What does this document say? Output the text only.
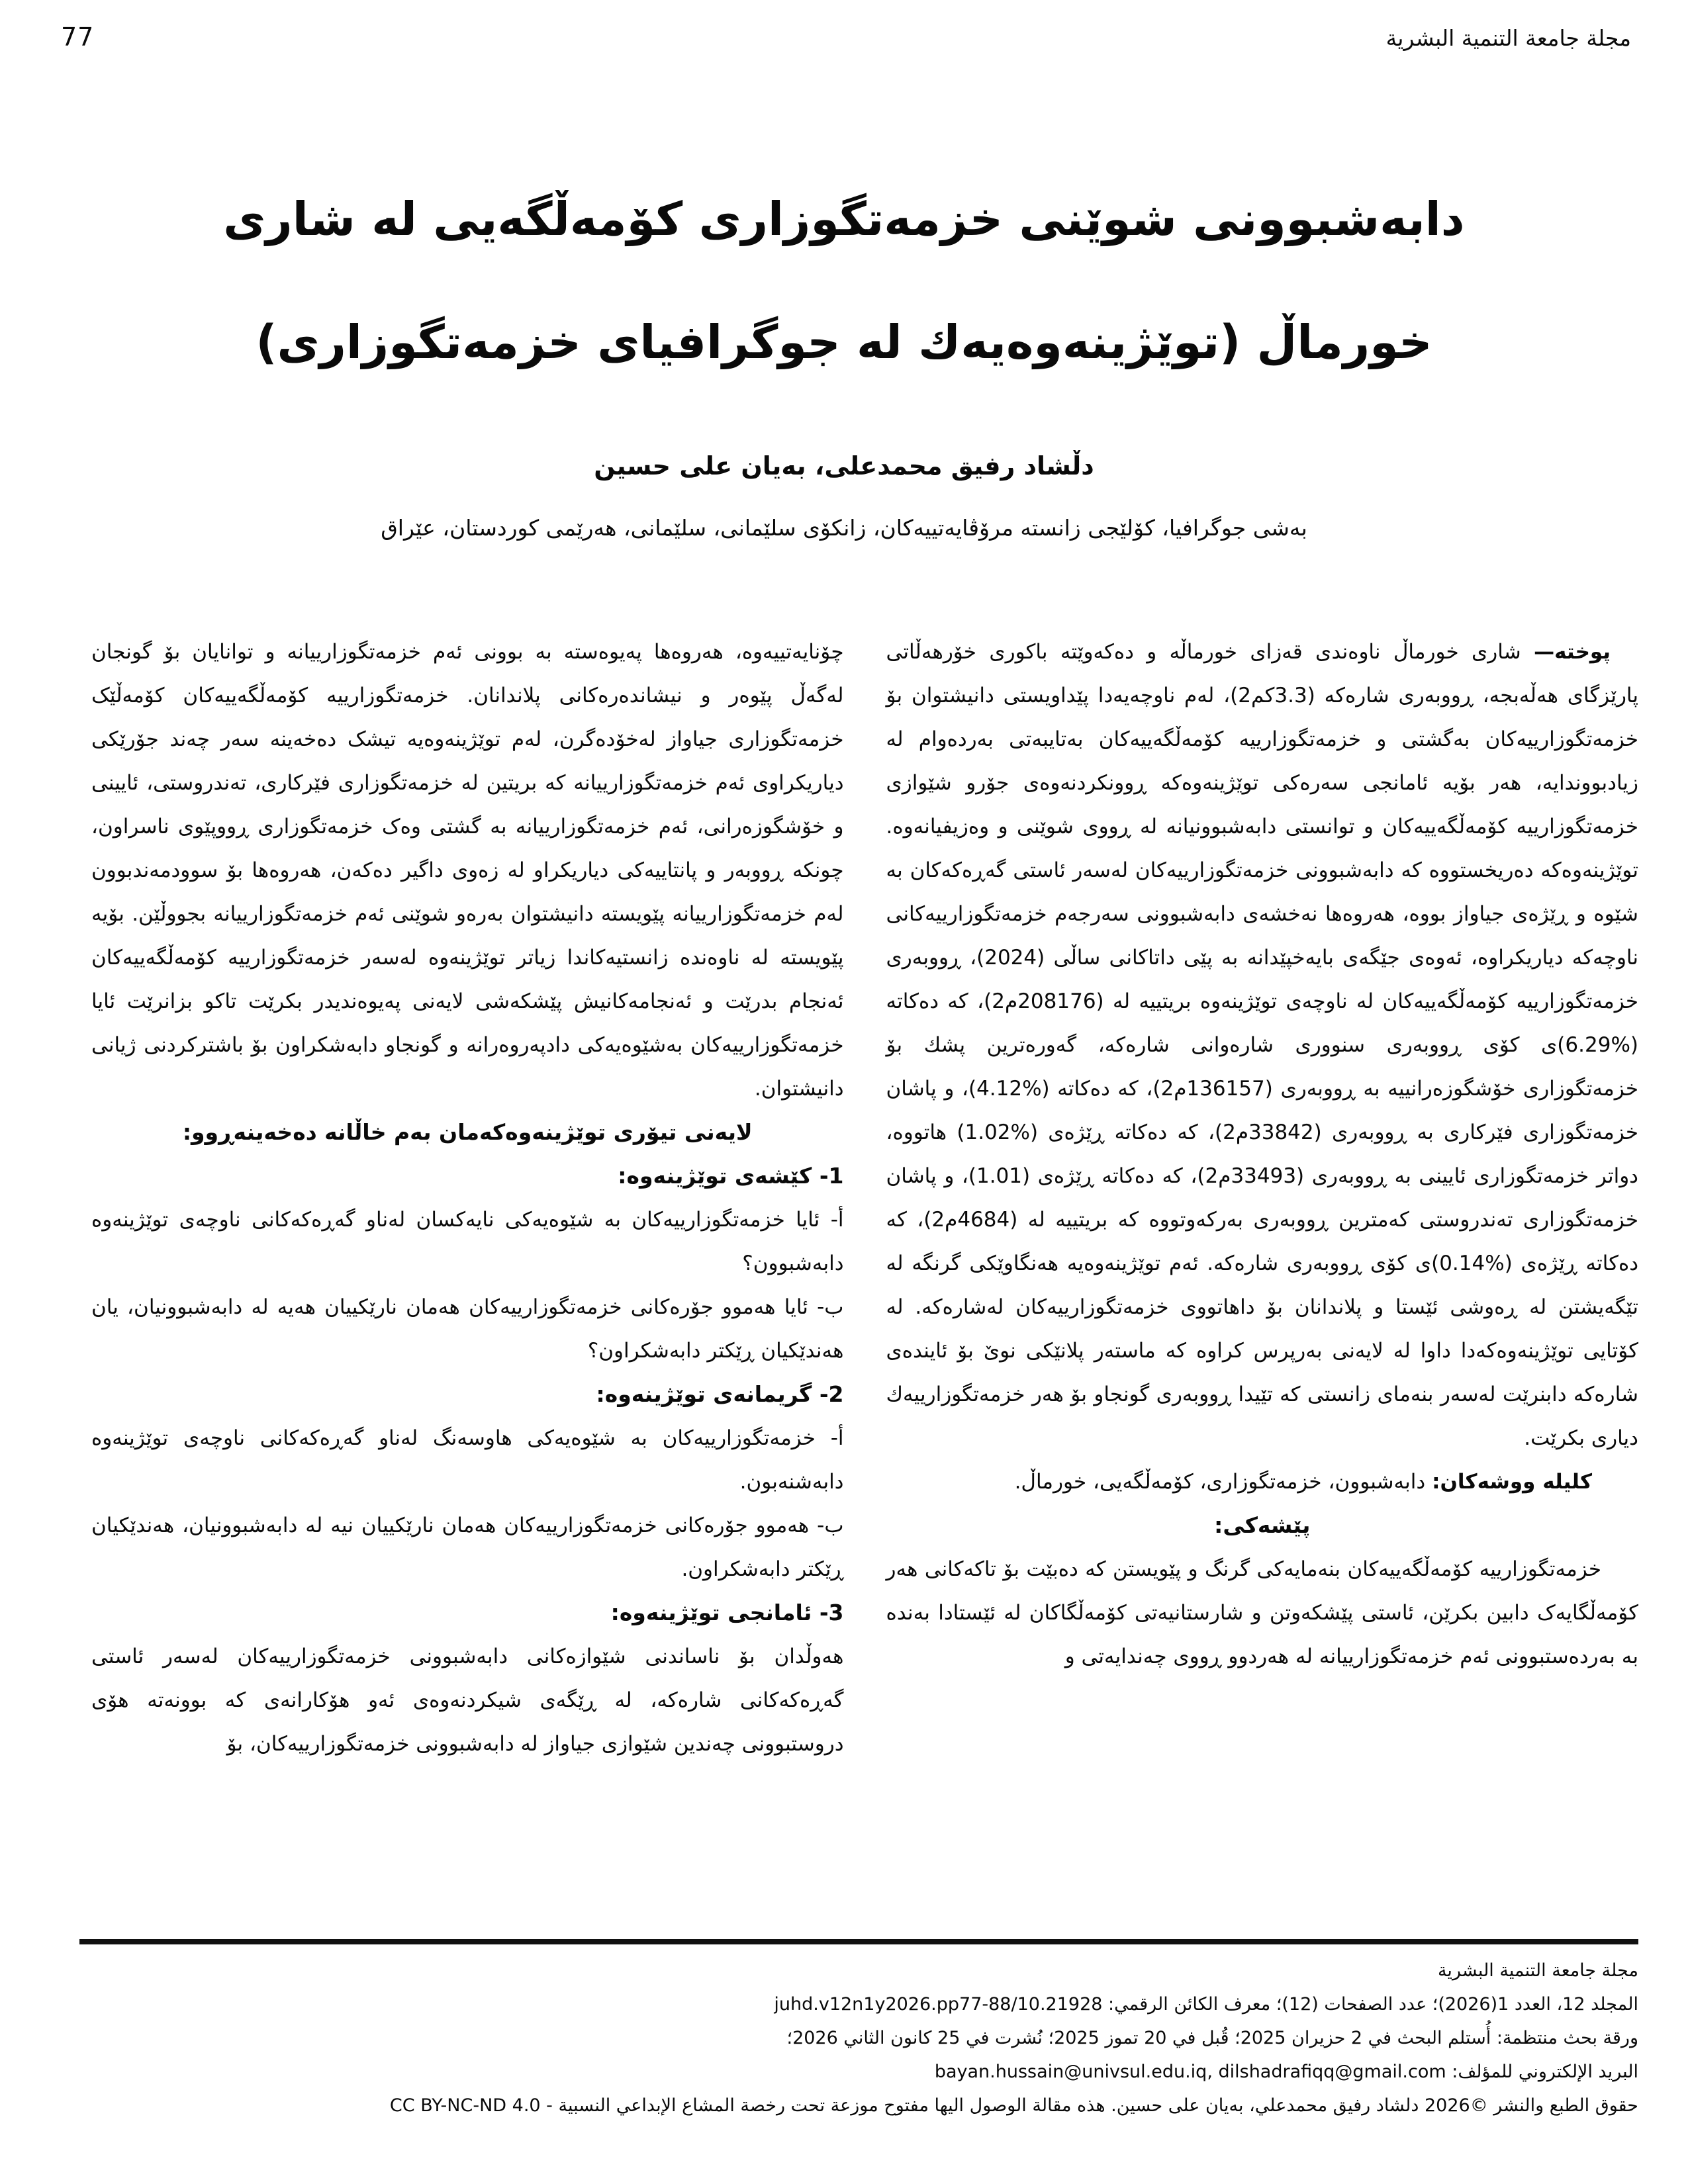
77	مجلة جامعة التنمية البشرية
دابه‌شبوونی شوێنی خزمه‌تگوزاری کۆمه‌ڵگه‌یی له‌ شاری
خورماڵ (توێژینه‌وه‌یه‌ك له‌ جوگرافیای خزمه‌تگوزاری)
دڵشاد رفیق محمدعلی، به‌یان علی حسین
به‌شی جوگرافیا، کۆلێجی زانسته‌ مرۆڤایه‌تییه‌کان، زانکۆی سلێمانی، سلێمانی، هه‌رێمی کوردستان، عێراق

پوخته‌— شاری خورماڵ ناوه‌ندی قه‌زای خورماڵه‌ و ده‌که‌وێته‌ باکوری خۆرهه‌ڵاتی پارێزگای هه‌ڵه‌بجه‌، ڕووبه‌ری شاره‌که‌ (3.3کم2)، له‌م ناوچه‌یه‌دا پێداویستی دانیشتوان بۆ خزمه‌تگوزارییه‌کان به‌گشتی و خزمه‌تگوزارییه‌ کۆمه‌ڵگه‌ییه‌کان به‌تایبه‌تی به‌رده‌وام له‌ زیادبووندایه‌، هه‌ر بۆیه‌ ئامانجی سه‌ره‌کی توێژینه‌وه‌که‌ ڕوونکردنه‌وه‌ی جۆرو شێوازی خزمه‌تگوزارییه‌ کۆمه‌ڵگه‌ییه‌کان و توانستی دابه‌شبوونیانه‌ له‌ ڕووی شوێنی و وه‌زیفیانه‌وه‌. توێژینه‌وه‌که‌ ده‌ریخستووه‌ که‌ دابه‌شبوونی خزمه‌تگوزارییه‌کان له‌سه‌ر ئاستی گه‌ڕه‌که‌کان به‌ شێوه‌ و ڕێژه‌ی جیاواز بووه‌، هه‌روه‌ها نه‌خشه‌ی دابه‌شبوونی سه‌رجه‌م خزمه‌تگوزارییه‌کانی ناوچه‌که‌ دیاریکراوه‌، ئه‌وه‌ی جێگه‌ی بایه‌خپێدانه‌ به‌ پێی داتاکانی ساڵی (2024)، ڕووبه‌ری خزمه‌تگوزارییه‌ کۆمه‌ڵگه‌ییه‌کان له‌ ناوچه‌ی توێژینه‌وه‌ بریتییه‌ له‌ (208176م2)، که‌ ده‌کاته‌ (%6.29)ی کۆی ڕووبه‌ری سنووری شاره‌وانی شاره‌که‌، گه‌وره‌ترین پشك بۆ خزمه‌تگوزاری خۆشگوزه‌رانییه‌ به‌ ڕووبه‌ری (136157م2)، که‌ ده‌کاته‌ (%4.12)، و پاشان خزمه‌تگوزاری فێرکاری به‌ ڕووبه‌ری (33842م2)، که‌ ده‌کاته‌ ڕێژه‌ی (%1.02) هاتووه‌، دواتر خزمه‌تگوزاری ئایینی به‌ ڕووبه‌ری (33493م2)، که‌ ده‌کاته‌ ڕێژه‌ی (1.01)، و پاشان خزمه‌تگوزاری ته‌ندروستی که‌مترین ڕووبه‌ری به‌رکه‌وتووه‌ که‌ بریتییه‌ له‌ (4684م2)، که‌ ده‌کاته‌ ڕێژه‌ی (%0.14)ی کۆی ڕووبه‌ری شاره‌که‌. ئه‌م توێژینه‌وه‌یه‌ هه‌نگاوێکی گرنگه‌ له‌ تێگه‌یشتن له‌ ڕه‌وشی ئێستا و پلاندانان بۆ داهاتووی خزمه‌تگوزارییه‌کان له‌شاره‌که‌. له‌ کۆتایی توێژینه‌وه‌که‌دا داوا له‌ لایه‌نی به‌رپرس کراوه‌ که‌ ماسته‌ر پلانێکی نوێ بۆ ئاینده‌ی شاره‌که‌ دابنرێت له‌سه‌ر بنه‌مای زانستی که‌ تێیدا ڕووبه‌ری گونجاو بۆ هه‌ر خزمه‌تگوزارییه‌ك دیاری بکرێت.

کلیله‌ ووشه‌کان: دابه‌شبوون، خزمه‌تگوزاری، کۆمه‌ڵگه‌یی، خورماڵ.

پێشه‌کی:

خزمه‌تگوزارییه‌ کۆمه‌ڵگه‌ییه‌کان بنه‌مایه‌کی گرنگ و پێویستن که‌ ده‌بێت بۆ تاکه‌کانی هه‌ر کۆمه‌ڵگایه‌ک دابین بکرێن، ئاستی پێشکه‌وتن و شارستانیه‌تی کۆمه‌ڵگاکان له‌ ئێستادا به‌نده‌ به‌ به‌رده‌ستبوونی ئه‌م خزمه‌تگوزارییانه‌ له‌ هه‌ردوو ڕووی چه‌ندایه‌تی و

چۆنایه‌تییه‌وه‌، هه‌روه‌ها په‌یوه‌سته‌ به‌ بوونی ئه‌م خزمه‌تگوزارییانه‌ و توانایان بۆ گونجان له‌گه‌ڵ پێوه‌ر و نیشانده‌ره‌کانی پلاندانان. خزمه‌تگوزارییه‌ کۆمه‌ڵگه‌ییه‌کان کۆمه‌ڵێک خزمه‌تگوزاری جیاواز له‌خۆده‌گرن، له‌م توێژینه‌وه‌یه‌ تیشک ده‌خه‌ینه‌ سه‌ر چه‌ند جۆرێکی دیاریکراوی ئه‌م خزمه‌تگوزارییانه‌ که‌ بریتین له‌ خزمه‌تگوزاری فێرکاری، ته‌ندروستی، ئایینی و خۆشگوزه‌رانی، ئه‌م خزمه‌تگوزارییانه‌ به‌ گشتی وه‌ک خزمه‌تگوزاری ڕووپێوی ناسراون، چونکه‌ ڕووبه‌ر و پانتاییه‌کی دیاریکراو له‌ زه‌وی داگیر ده‌که‌ن، هه‌روه‌ها بۆ سوودمه‌ندبوون له‌م خزمه‌تگوزارییانه‌ پێویسته‌ دانیشتوان به‌ره‌و شوێنی ئه‌م خزمه‌تگوزارییانه‌ بجووڵێن. بۆیه‌ پێویسته‌ له‌ ناوه‌نده‌ زانستیه‌کاندا زیاتر توێژینه‌وه‌ له‌سه‌ر خزمه‌تگوزارییه‌ کۆمه‌ڵگه‌ییه‌کان ئه‌نجام بدرێت و ئه‌نجامه‌کانیش پێشکه‌شی لایه‌نی په‌یوه‌ندیدر بکرێت تاکو بزانرێت ئایا خزمه‌تگوزارییه‌کان به‌شێوه‌یه‌کی دادپه‌روه‌رانه‌ و گونجاو دابه‌شکراون بۆ باشترکردنی ژیانی دانیشتوان.

لایه‌نی تیۆری توێژینه‌وه‌که‌مان به‌م خاڵانه‌ ده‌خه‌ینه‌ڕوو:

1- کێشه‌ی توێژینه‌وه‌:

أ- ئایا خزمه‌تگوزارییه‌کان به‌ شێوه‌یه‌کی نایه‌کسان له‌ناو گه‌ڕه‌که‌کانی ناوچه‌ی توێژینه‌وه‌ دابه‌شبوون؟

ب- ئایا هه‌موو جۆره‌کانی خزمه‌تگوزارییه‌کان هه‌مان نارێکییان هه‌یه‌ له‌ دابه‌شبوونیان، یان هه‌ندێکیان ڕێکتر دابه‌شکراون؟

2- گریمانه‌ی توێژینه‌وه‌:

أ- خزمه‌تگوزارییه‌کان به‌ شێوه‌یه‌کی هاوسه‌نگ له‌ناو گه‌ڕه‌که‌کانی ناوچه‌ی توێژینه‌وه‌ دابه‌شنه‌بون.

ب- هه‌موو جۆره‌کانی خزمه‌تگوزارییه‌کان هه‌مان نارێکییان نیه‌ له‌ دابه‌شبوونیان، هه‌ندێکیان ڕێکتر دابه‌شکراون.

3- ئامانجی توێژینه‌وه‌:

هه‌وڵدان بۆ ناساندنی شێوازه‌کانی دابه‌شبوونی خزمه‌تگوزارییه‌کان له‌سه‌ر ئاستی گه‌ڕه‌که‌کانی شاره‌که‌، له‌ ڕێگه‌ی شیکردنه‌وه‌ی ئه‌و هۆکارانه‌ی که‌ بوونه‌ته‌ هۆی دروستبوونی چه‌ندین شێوازی جیاواز له‌ دابه‌شبوونی خزمه‌تگوزارییه‌کان، بۆ

مجلة جامعة التنمية البشرية
المجلد 12، العدد 1(2026)؛ عدد الصفحات (12)؛ معرف الكائن الرقمي: 10.21928/juhd.v12n1y2026.pp77-88
ورقة بحث منتظمة: أُستلم البحث في 2 حزيران 2025؛ قُبل في 20 تموز 2025؛ نُشرت في 25 كانون الثاني 2026؛
البريد الإلكتروني للمؤلف: bayan.hussain@univsul.edu.iq, dilshadrafiqq@gmail.com
حقوق الطبع والنشر ©2026 دلشاد رفيق محمدعلي، به‌یان علی حسین. هذه مقالة الوصول اليها مفتوح موزعة تحت رخصة المشاع الإبداعي النسبية - CC BY-NC-ND 4.0
